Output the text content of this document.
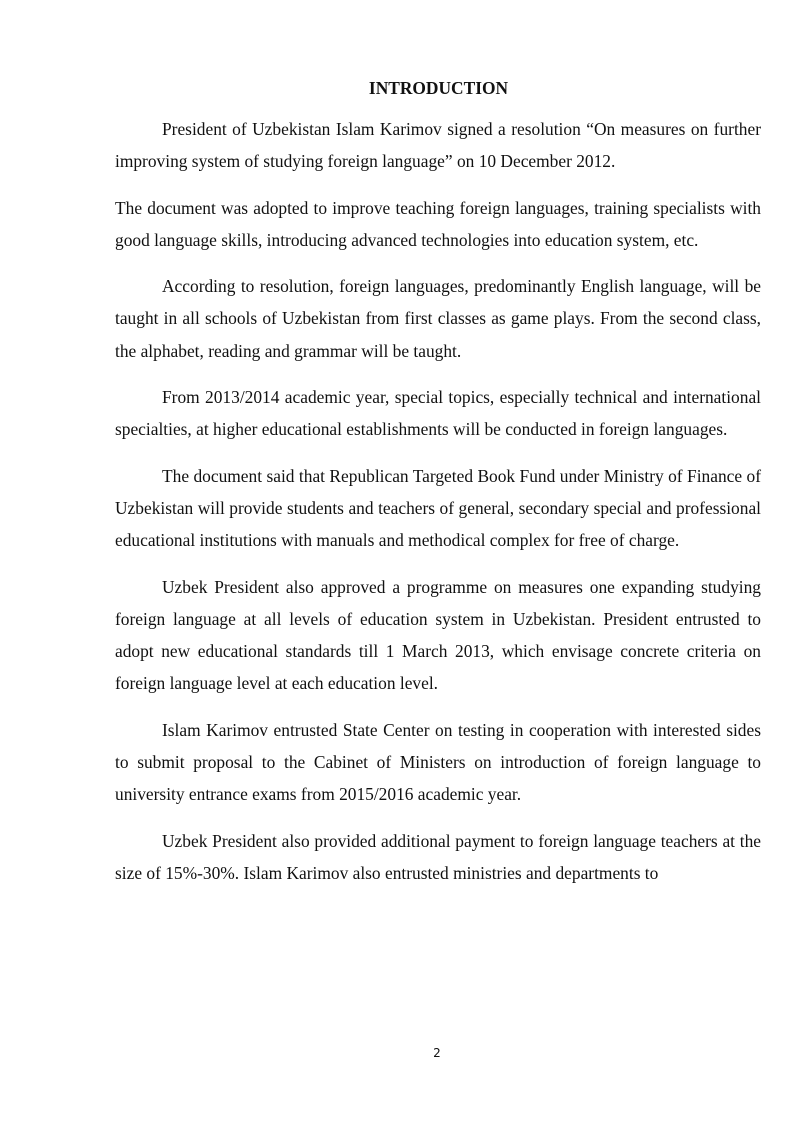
INTRODUCTION

President of Uzbekistan Islam Karimov signed a resolution “On measures on further improving system of studying foreign language” on 10 December 2012.

The document was adopted to improve teaching foreign languages, training specialists with good language skills, introducing advanced technologies into education system, etc.

According to resolution, foreign languages, predominantly English language, will be taught in all schools of Uzbekistan from first classes as game plays. From the second class, the alphabet, reading and grammar will be taught.

From 2013/2014 academic year, special topics, especially technical and international specialties, at higher educational establishments will be conducted in foreign languages.

The document said that Republican Targeted Book Fund under Ministry of Finance of Uzbekistan will provide students and teachers of general, secondary special and professional educational institutions with manuals and methodical complex for free of charge.

Uzbek President also approved a programme on measures one expanding studying foreign language at all levels of education system in Uzbekistan. President entrusted to adopt new educational standards till 1 March 2013, which envisage concrete criteria on foreign language level at each education level.

Islam Karimov entrusted State Center on testing in cooperation with interested sides to submit proposal to the Cabinet of Ministers on introduction of foreign language to university entrance exams from 2015/2016 academic year.

Uzbek President also provided additional payment to foreign language teachers at the size of 15%-30%. Islam Karimov also entrusted ministries and departments to

2
